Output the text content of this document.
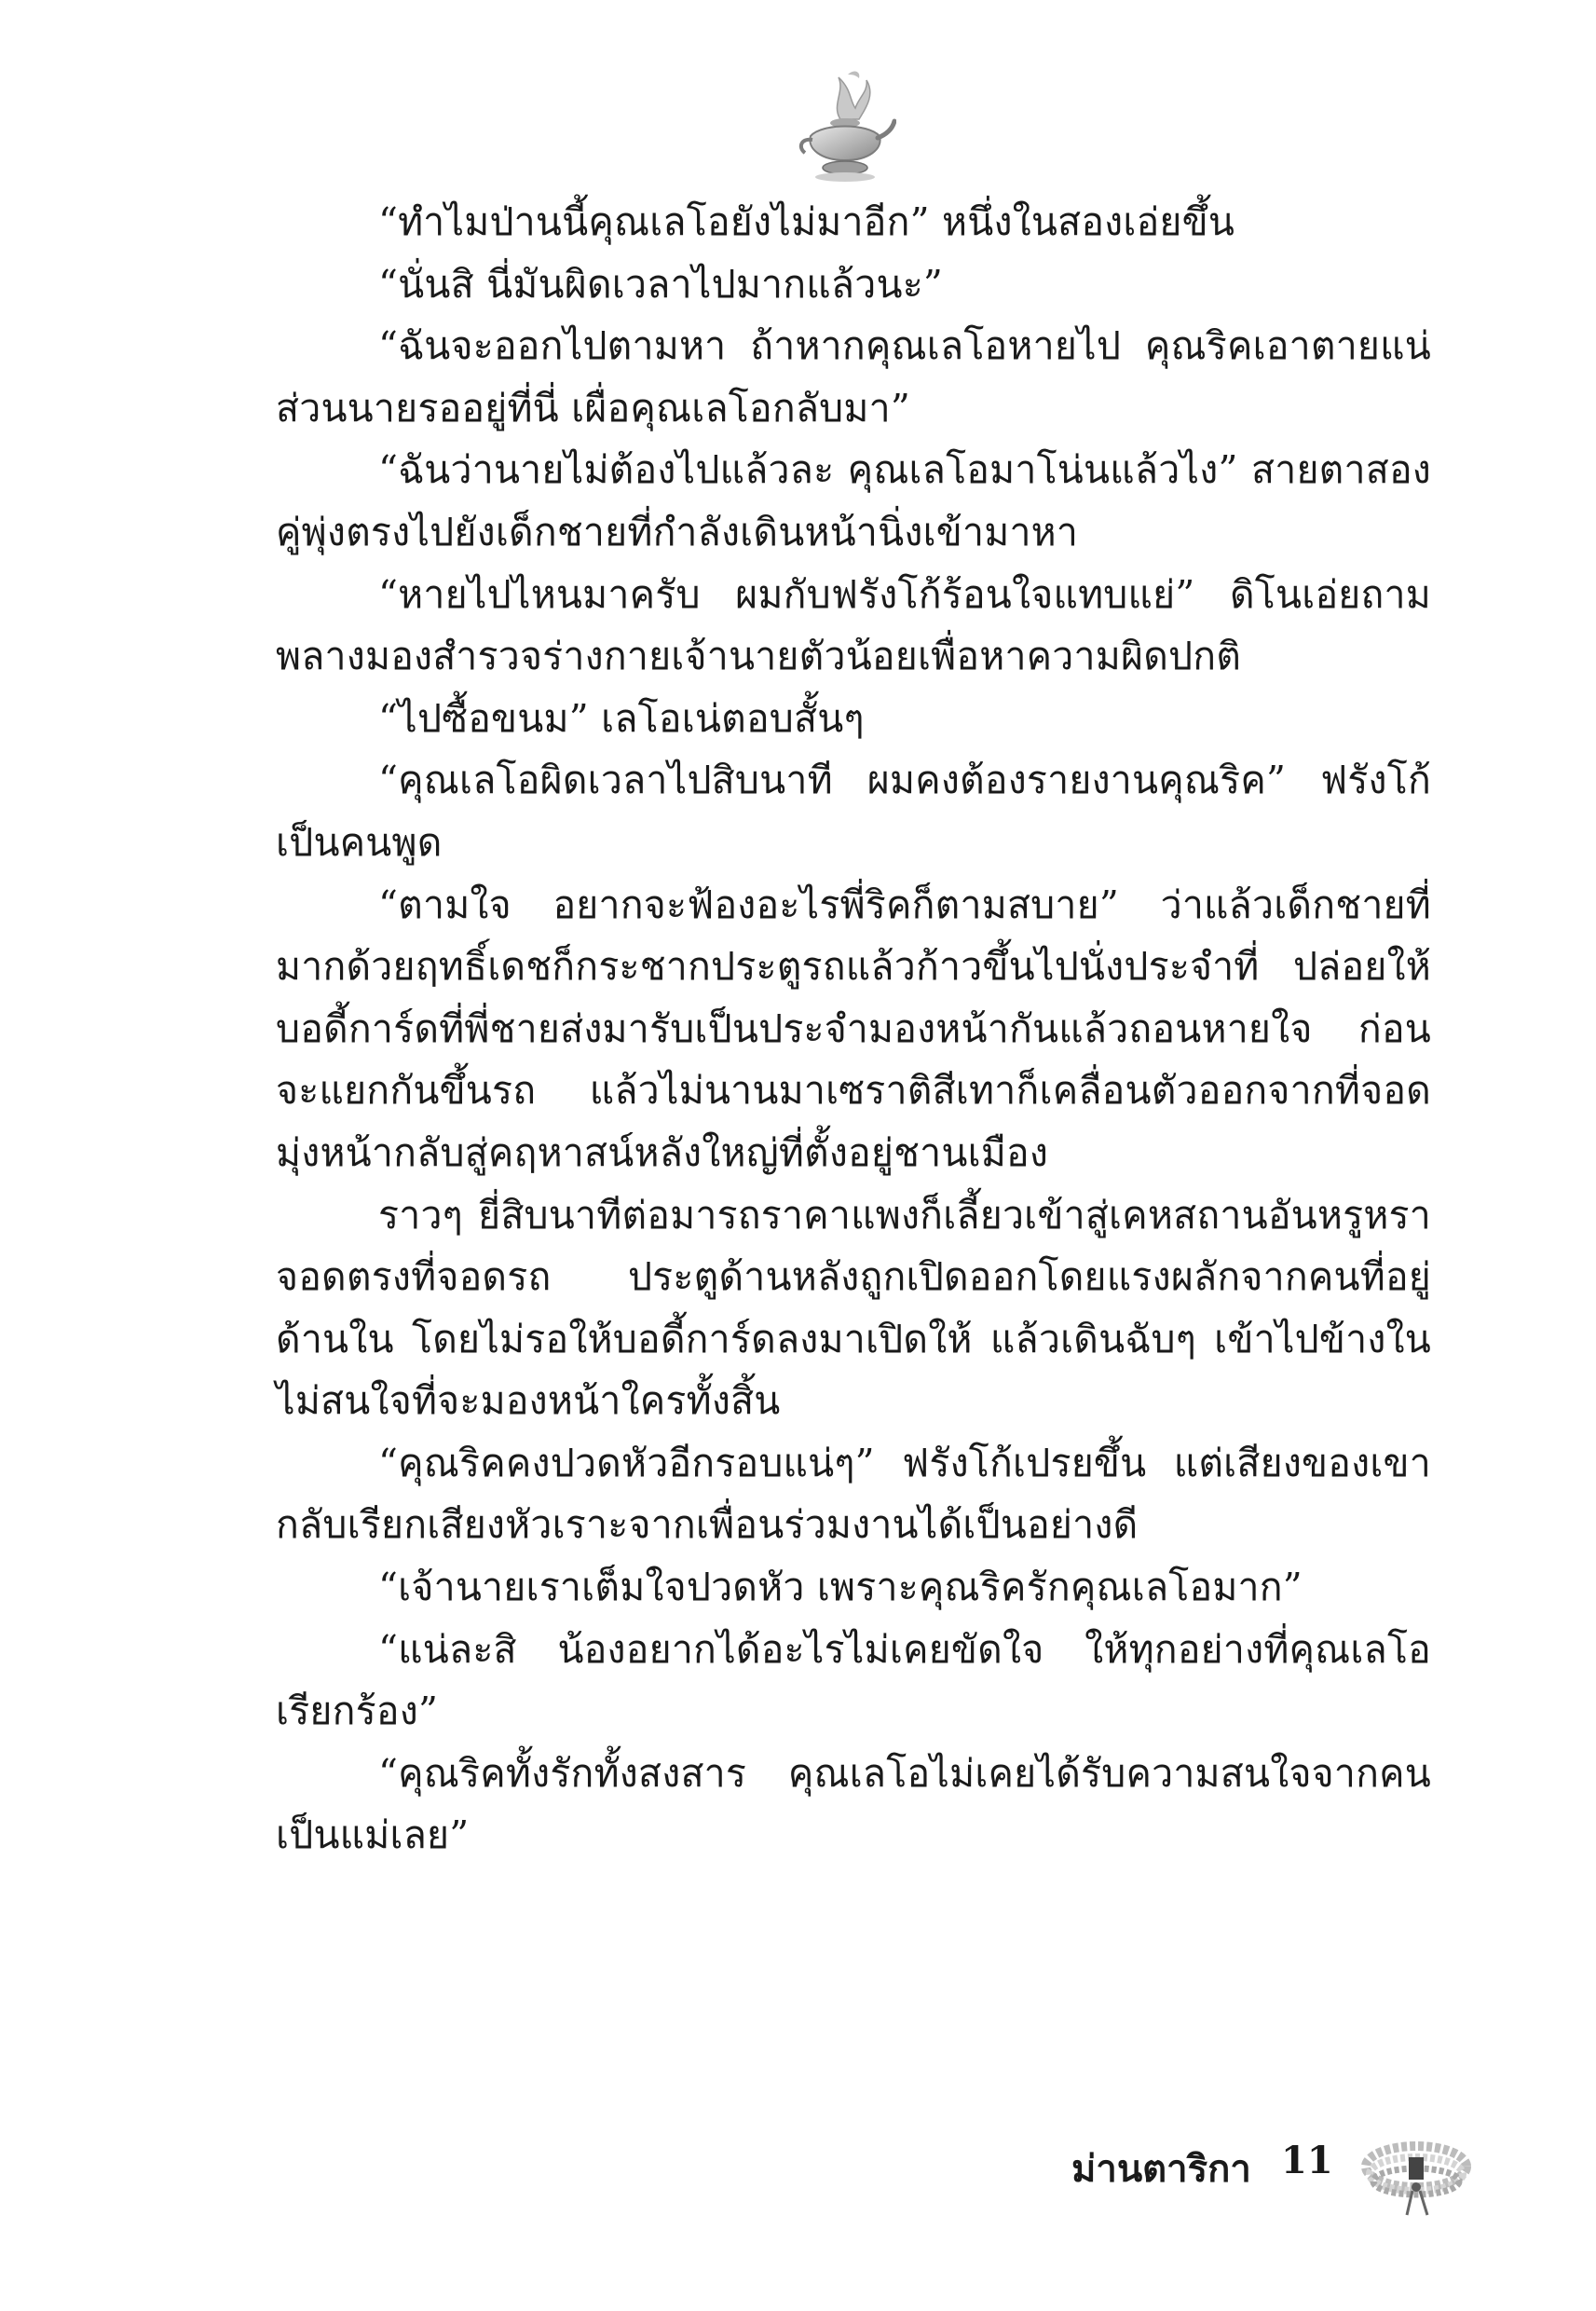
“ทำไมป่านนี้คุณเลโอยังไม่มาอีก” หนึ่งในสองเอ่ยขึ้น

“นั่นสิ นี่มันผิดเวลาไปมากแล้วนะ”

“ฉันจะออกไปตามหา ถ้าหากคุณเลโอหายไป คุณริคเอาตายแน่ ส่วนนายรออยู่ที่นี่ เผื่อคุณเลโอกลับมา”

“ฉันว่านายไม่ต้องไปแล้วละ คุณเลโอมาโน่นแล้วไง” สายตาสองคู่พุ่งตรงไปยังเด็กชายที่กำลังเดินหน้านิ่งเข้ามาหา

“หายไปไหนมาครับ ผมกับฟรังโก้ร้อนใจแทบแย่” ดิโนเอ่ยถาม พลางมองสำรวจร่างกายเจ้านายตัวน้อยเพื่อหาความผิดปกติ

“ไปซื้อขนม” เลโอเน่ตอบสั้นๆ

“คุณเลโอผิดเวลาไปสิบนาที ผมคงต้องรายงานคุณริค” ฟรังโก้เป็นคนพูด

“ตามใจ อยากจะฟ้องอะไรพี่ริคก็ตามสบาย” ว่าแล้วเด็กชายที่มากด้วยฤทธิ์เดชก็กระชากประตูรถแล้วก้าวขึ้นไปนั่งประจำที่ ปล่อยให้บอดี้การ์ดที่พี่ชายส่งมารับเป็นประจำมองหน้ากันแล้วถอนหายใจ ก่อนจะแยกกันขึ้นรถ แล้วไม่นานมาเซราติสีเทาก็เคลื่อนตัวออกจากที่จอด มุ่งหน้ากลับสู่คฤหาสน์หลังใหญ่ที่ตั้งอยู่ชานเมือง

ราวๆ ยี่สิบนาทีต่อมารถราคาแพงก็เลี้ยวเข้าสู่เคหสถานอันหรูหรา จอดตรงที่จอดรถ ประตูด้านหลังถูกเปิดออกโดยแรงผลักจากคนที่อยู่ด้านใน โดยไม่รอให้บอดี้การ์ดลงมาเปิดให้ แล้วเดินฉับๆ เข้าไปข้างใน ไม่สนใจที่จะมองหน้าใครทั้งสิ้น

“คุณริคคงปวดหัวอีกรอบแน่ๆ” ฟรังโก้เปรยขึ้น แต่เสียงของเขากลับเรียกเสียงหัวเราะจากเพื่อนร่วมงานได้เป็นอย่างดี

“เจ้านายเราเต็มใจปวดหัว เพราะคุณริครักคุณเลโอมาก”

“แน่ละสิ น้องอยากได้อะไรไม่เคยขัดใจ ให้ทุกอย่างที่คุณเลโอเรียกร้อง”

“คุณริคทั้งรักทั้งสงสาร คุณเลโอไม่เคยได้รับความสนใจจากคนเป็นแม่เลย”

ม่านตาริกา 11
